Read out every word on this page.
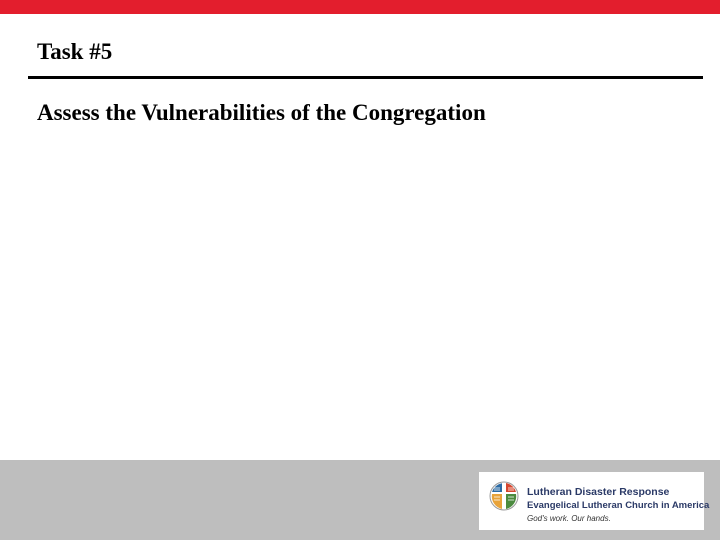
Task #5
Assess the Vulnerabilities of the Congregation
Lutheran Disaster Response
Evangelical Lutheran Church in America
God's work. Our hands.
